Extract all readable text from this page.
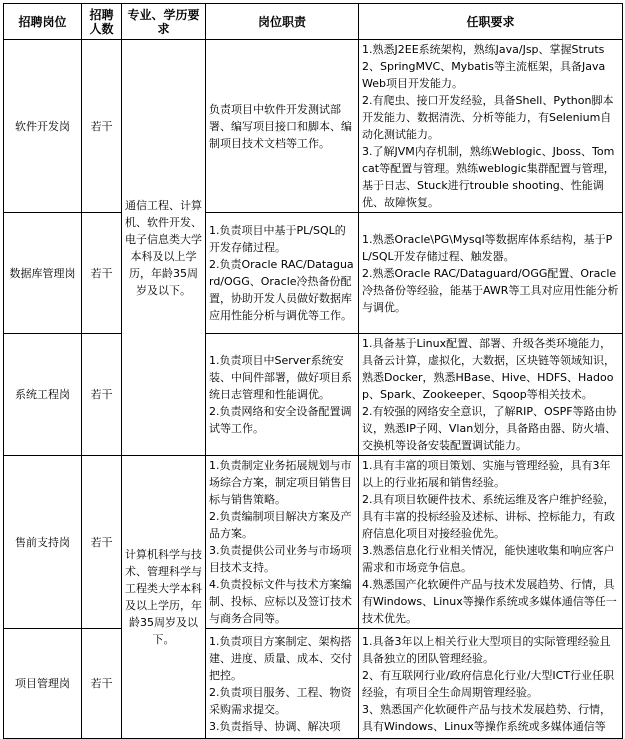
招聘岗位	招聘人数	专业、学历要求	岗位职责	任职要求
软件开发岗	若干	通信工程、计算机、软件开发、电子信息类大学本科及以上学历，年龄35周岁及以下。	负责项目中软件开发测试部署、编写项目接口和脚本、编制项目技术文档等工作。	1.熟悉J2EE系统架构，熟练Java/Jsp、掌握Struts2、SpringMVC、Mybatis等主流框架，具备Java Web项目开发能力。
2.有爬虫、接口开发经验，具备Shell、Python脚本开发能力、数据清洗、分析等能力，有Selenium自动化测试能力。
3.了解JVM内存机制，熟练Weblogic、Jboss、Tomcat等配置与管理。熟练weblogic集群配置与管理，基于日志、Stuck进行trouble shooting、性能调优、故障恢复。

数据库管理岗	若干		1.负责项目中基于PL/SQL的开发存储过程。
2.负责Oracle RAC/Dataguard/OGG、Oracle冷热备份配置，协助开发人员做好数据库应用性能分析与调优等工作。	1.熟悉Oracle\PG\Mysql等数据库体系结构，基于PL/SQL开发存储过程、触发器。
2.熟悉Oracle RAC/Dataguard/OGG配置、Oracle冷热备份等经验，能基于AWR等工具对应用性能分析与调优。

系统工程岗	若干		1.负责项目中Server系统安装、中间件部署，做好项目系统日志管理和性能调优。
2.负责网络和安全设备配置调试等工作。	1.具备基于Linux配置、部署、升级各类环境能力，具备云计算，虚拟化，大数据，区块链等领域知识，熟悉Docker，熟悉HBase、Hive、HDFS、Hadoop、Spark、Zookeeper、Sqoop等相关技术。
2.有较强的网络安全意识，了解RIP、OSPF等路由协议，熟悉IP子网、Vlan划分，具备路由器、防火墙、交换机等设备安装配置调试能力。

售前支持岗	若干	计算机科学与技术、管理科学与工程类大学本科及以上学历，年龄35周岁及以下。	1.负责制定业务拓展规划与市场综合方案，制定项目销售目标与销售策略。
2.负责编制项目解决方案及产品方案。
3.负责提供公司业务与市场项目技术支持。
4.负责投标文件与技术方案编制、投标、应标以及签订技术与商务合同等。	1.具有丰富的项目策划、实施与管理经验，具有3年以上的行业拓展和销售经验。
2.具有项目软硬件技术、系统运维及客户维护经验，具有丰富的投标经验及述标、讲标、控标能力，有政府信息化项目对接经验优先。
3.熟悉信息化行业相关情况，能快速收集和响应客户需求和市场竞争信息。
4.熟悉国产化软硬件产品与技术发展趋势、行情，具有Windows、Linux等操作系统或多媒体通信等任一技术优先。

项目管理岗	若干		1.负责项目方案制定、架构搭建、进度、质量、成本、交付把控。
2.负责项目服务、工程、物资采购需求提交。
3.负责指导、协调、解决项	1.具备3年以上相关行业大型项目的实际管理经验且具备独立的团队管理经验。
2、有互联网行业/政府信息化行业/大型ICT行业任职经验，有项目全生命周期管理经验。
3、熟悉国产化软硬件产品与技术发展趋势、行情，具有Windows、Linux等操作系统或多媒体通信等
